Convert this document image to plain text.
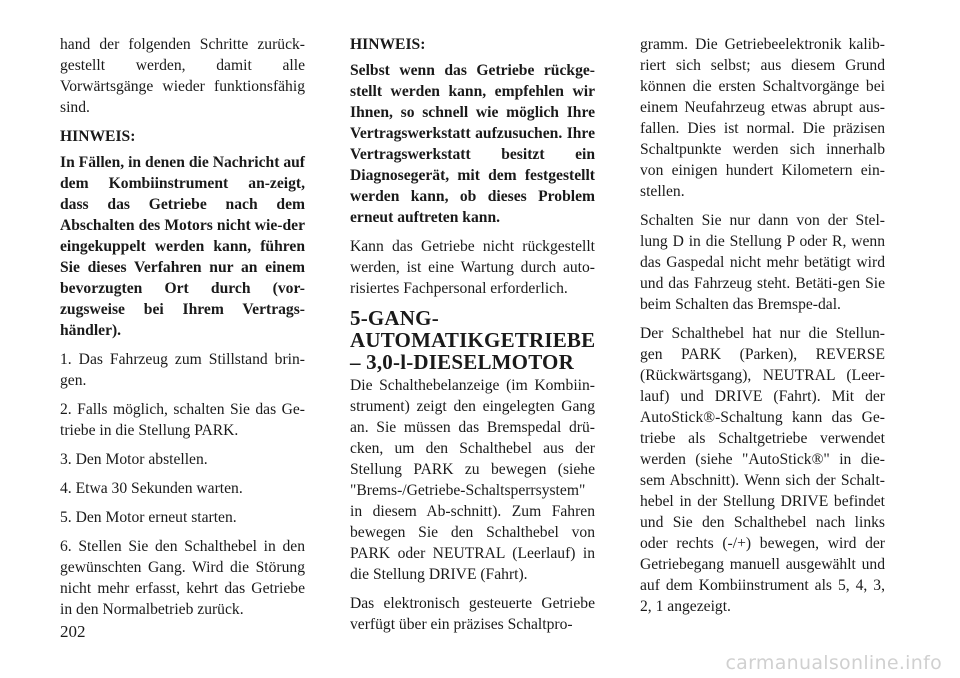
hand der folgenden Schritte zurück-gestellt werden, damit alle Vorwärtsgänge wieder funktionsfähig sind.

HINWEIS:

In Fällen, in denen die Nachricht auf dem Kombiinstrument an-zeigt, dass das Getriebe nach dem Abschalten des Motors nicht wie-der eingekuppelt werden kann, führen Sie dieses Verfahren nur an einem bevorzugten Ort durch (vor-zugsweise bei Ihrem Vertrags-händler).

1. Das Fahrzeug zum Stillstand brin-gen.
2. Falls möglich, schalten Sie das Ge-triebe in die Stellung PARK.
3. Den Motor abstellen.
4. Etwa 30 Sekunden warten.
5. Den Motor erneut starten.
6. Stellen Sie den Schalthebel in den gewünschten Gang. Wird die Störung nicht mehr erfasst, kehrt das Getriebe in den Normalbetrieb zurück.
HINWEIS:

Selbst wenn das Getriebe rückge-stellt werden kann, empfehlen wir Ihnen, so schnell wie möglich Ihre Vertragswerkstatt aufzusuchen. Ihre Vertragswerkstatt besitzt ein Diagnosegerät, mit dem festgestellt werden kann, ob dieses Problem erneut auftreten kann.

Kann das Getriebe nicht rückgestellt werden, ist eine Wartung durch auto-risiertes Fachpersonal erforderlich.

5-GANG-AUTOMATIKGETRIEBE – 3,0-l-DIESELMOTOR

Die Schalthebelanzeige (im Kombiin-strument) zeigt den eingelegten Gang an. Sie müssen das Bremspedal drü-cken, um den Schalthebel aus der Stellung PARK zu bewegen (siehe "Brems-/Getriebe-Schaltsperrsystem" in diesem Ab-schnitt). Zum Fahren bewegen Sie den Schalthebel von PARK oder NEUTRAL (Leerlauf) in die Stellung DRIVE (Fahrt).

Das elektronisch gesteuerte Getriebe verfügt über ein präzises Schaltpro-

gramm. Die Getriebeelektronik kalib-riert sich selbst; aus diesem Grund können die ersten Schaltvorgänge bei einem Neufahrzeug etwas abrupt aus-fallen. Dies ist normal. Die präzisen Schaltpunkte werden sich innerhalb von einigen hundert Kilometern ein-stellen.

Schalten Sie nur dann von der Stel-lung D in die Stellung P oder R, wenn das Gaspedal nicht mehr betätigt wird und das Fahrzeug steht. Betäti-gen Sie beim Schalten das Bremspe-dal.

Der Schalthebel hat nur die Stellun-gen PARK (Parken), REVERSE (Rückwärtsgang), NEUTRAL (Leer-lauf) und DRIVE (Fahrt). Mit der AutoStick®-Schaltung kann das Ge-triebe als Schaltgetriebe verwendet werden (siehe "AutoStick®" in die-sem Abschnitt). Wenn sich der Schalt-hebel in der Stellung DRIVE befindet und Sie den Schalthebel nach links oder rechts (-/+) bewegen, wird der Getriebegang manuell ausgewählt und auf dem Kombiinstrument als 5, 4, 3, 2, 1 angezeigt.

202
carmanualsonline.info
